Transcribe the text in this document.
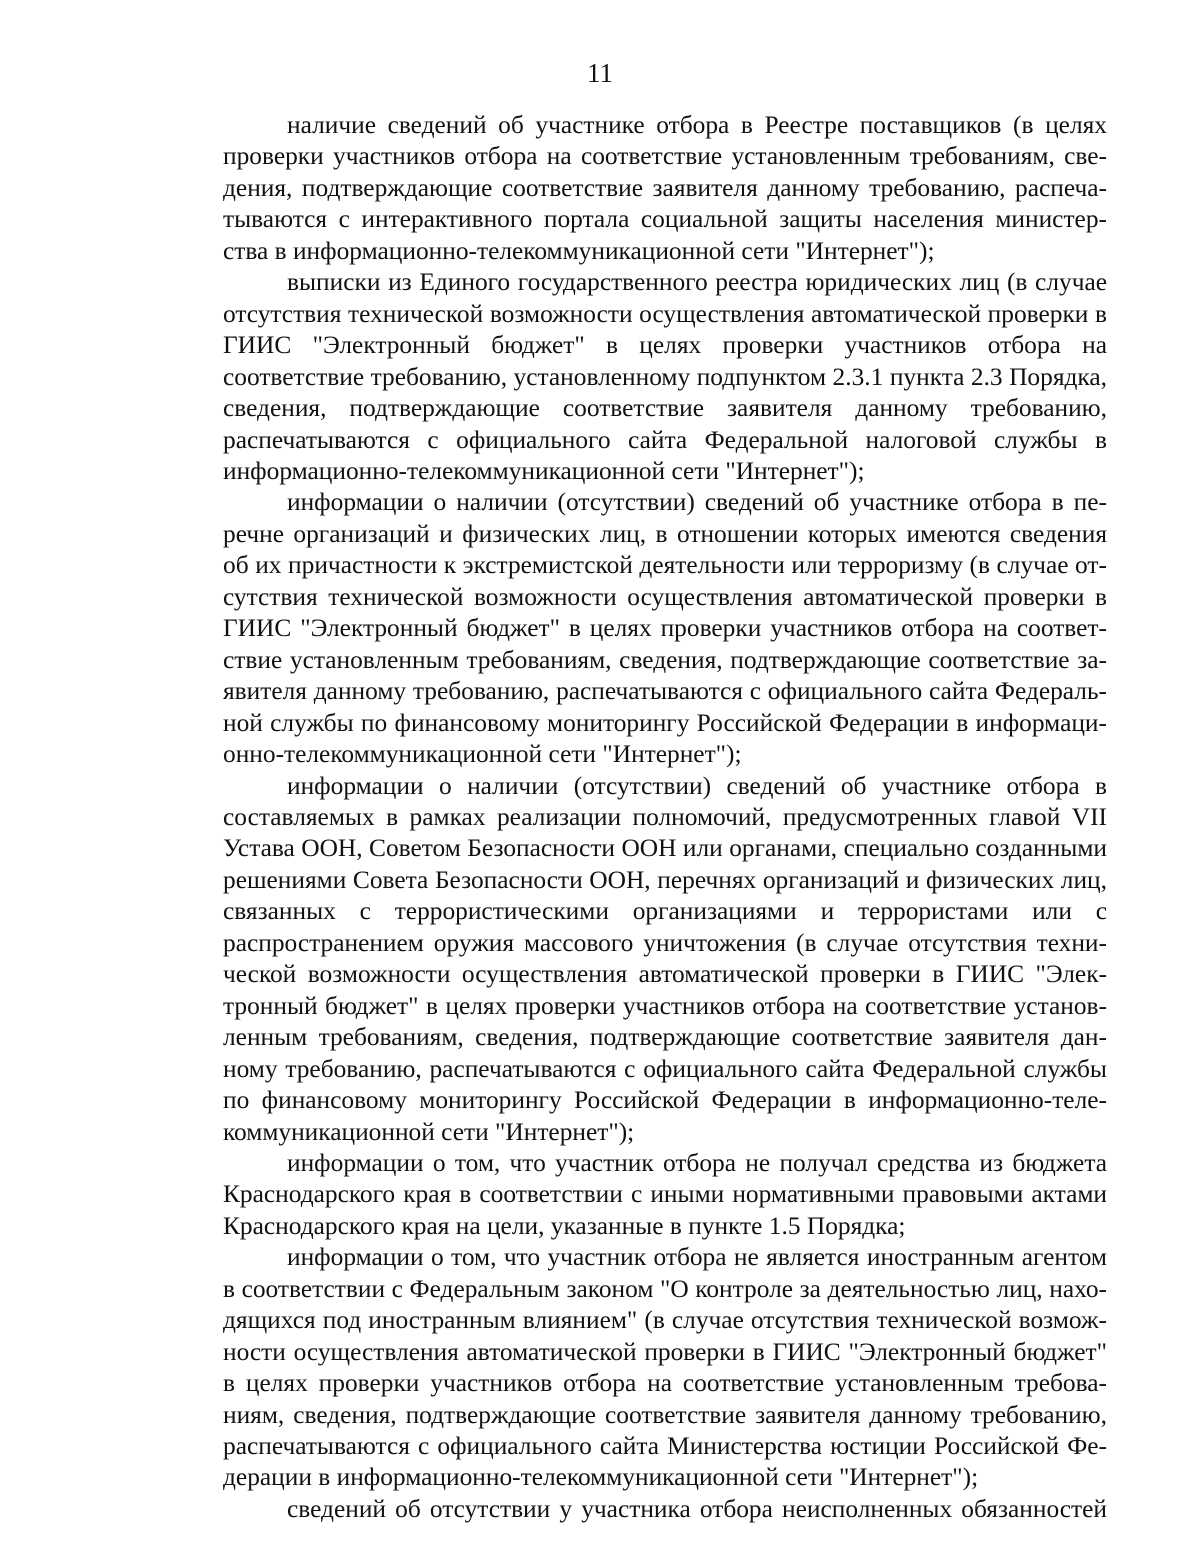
11

наличие сведений об участнике отбора в Реестре поставщиков (в целях проверки участников отбора на соответствие установленным требованиям, сведения, подтверждающие соответствие заявителя данному требованию, распечатываются с интерактивного портала социальной защиты населения министерства в информационно-телекоммуникационной сети "Интернет");

выписки из Единого государственного реестра юридических лиц (в случае отсутствия технической возможности осуществления автоматической проверки в ГИИС "Электронный бюджет" в целях проверки участников отбора на соответствие требованию, установленному подпунктом 2.3.1 пункта 2.3 Порядка, сведения, подтверждающие соответствие заявителя данному требованию, распечатываются с официального сайта Федеральной налоговой службы в информационно-телекоммуникационной сети "Интернет");

информации о наличии (отсутствии) сведений об участнике отбора в перечне организаций и физических лиц, в отношении которых имеются сведения об их причастности к экстремистской деятельности или терроризму (в случае отсутствия технической возможности осуществления автоматической проверки в ГИИС "Электронный бюджет" в целях проверки участников отбора на соответствие установленным требованиям, сведения, подтверждающие соответствие заявителя данному требованию, распечатываются с официального сайта Федеральной службы по финансовому мониторингу Российской Федерации в информационно-телекоммуникационной сети "Интернет");

информации о наличии (отсутствии) сведений об участнике отбора в составляемых в рамках реализации полномочий, предусмотренных главой VII Устава ООН, Советом Безопасности ООН или органами, специально созданными решениями Совета Безопасности ООН, перечнях организаций и физических лиц, связанных с террористическими организациями и террористами или с распространением оружия массового уничтожения (в случае отсутствия технической возможности осуществления автоматической проверки в ГИИС "Электронный бюджет" в целях проверки участников отбора на соответствие установленным требованиям, сведения, подтверждающие соответствие заявителя данному требованию, распечатываются с официального сайта Федеральной службы по финансовому мониторингу Российской Федерации в информационно-телекоммуникационной сети "Интернет");

информации о том, что участник отбора не получал средства из бюджета Краснодарского края в соответствии с иными нормативными правовыми актами Краснодарского края на цели, указанные в пункте 1.5 Порядка;

информации о том, что участник отбора не является иностранным агентом в соответствии с Федеральным законом "О контроле за деятельностью лиц, находящихся под иностранным влиянием" (в случае отсутствия технической возможности осуществления автоматической проверки в ГИИС "Электронный бюджет" в целях проверки участников отбора на соответствие установленным требованиям, сведения, подтверждающие соответствие заявителя данному требованию, распечатываются с официального сайта Министерства юстиции Российской Федерации в информационно-телекоммуникационной сети "Интернет");

сведений об отсутствии у участника отбора неисполненных обязанностей
